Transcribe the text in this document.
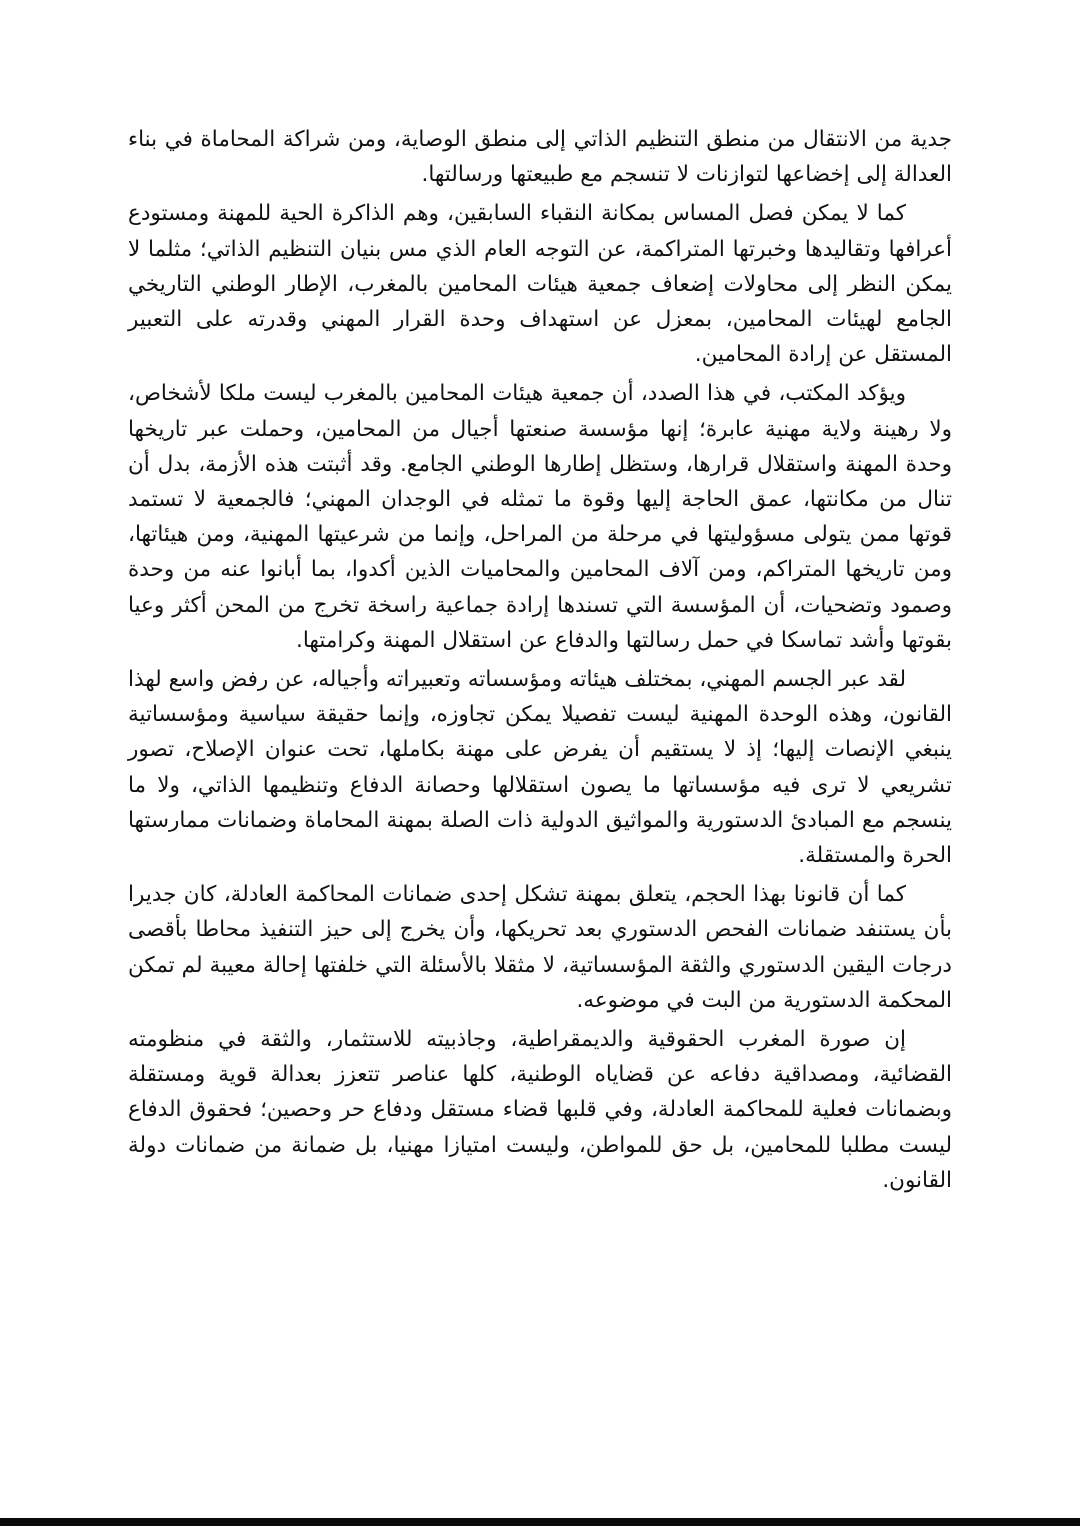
جدية من الانتقال من منطق التنظيم الذاتي إلى منطق الوصاية، ومن شراكة المحاماة في بناء العدالة إلى إخضاعها لتوازنات لا تنسجم مع طبيعتها ورسالتها.

كما لا يمكن فصل المساس بمكانة النقباء السابقين، وهم الذاكرة الحية للمهنة ومستودع أعرافها وتقاليدها وخبرتها المتراكمة، عن التوجه العام الذي مس بنيان التنظيم الذاتي؛ مثلما لا يمكن النظر إلى محاولات إضعاف جمعية هيئات المحامين بالمغرب، الإطار الوطني التاريخي الجامع لهيئات المحامين، بمعزل عن استهداف وحدة القرار المهني وقدرته على التعبير المستقل عن إرادة المحامين.

ويؤكد المكتب، في هذا الصدد، أن جمعية هيئات المحامين بالمغرب ليست ملكا لأشخاص، ولا رهينة ولاية مهنية عابرة؛ إنها مؤسسة صنعتها أجيال من المحامين، وحملت عبر تاريخها وحدة المهنة واستقلال قرارها، وستظل إطارها الوطني الجامع. وقد أثبتت هذه الأزمة، بدل أن تنال من مكانتها، عمق الحاجة إليها وقوة ما تمثله في الوجدان المهني؛ فالجمعية لا تستمد قوتها ممن يتولى مسؤوليتها في مرحلة من المراحل، وإنما من شرعيتها المهنية، ومن هيئاتها، ومن تاريخها المتراكم، ومن آلاف المحامين والمحاميات الذين أكدوا، بما أبانوا عنه من وحدة وصمود وتضحيات، أن المؤسسة التي تسندها إرادة جماعية راسخة تخرج من المحن أكثر وعيا بقوتها وأشد تماسكا في حمل رسالتها والدفاع عن استقلال المهنة وكرامتها.

لقد عبر الجسم المهني، بمختلف هيئاته ومؤسساته وتعبيراته وأجياله، عن رفض واسع لهذا القانون، وهذه الوحدة المهنية ليست تفصيلا يمكن تجاوزه، وإنما حقيقة سياسية ومؤسساتية ينبغي الإنصات إليها؛ إذ لا يستقيم أن يفرض على مهنة بكاملها، تحت عنوان الإصلاح، تصور تشريعي لا ترى فيه مؤسساتها ما يصون استقلالها وحصانة الدفاع وتنظيمها الذاتي، ولا ما ينسجم مع المبادئ الدستورية والمواثيق الدولية ذات الصلة بمهنة المحاماة وضمانات ممارستها الحرة والمستقلة.

كما أن قانونا بهذا الحجم، يتعلق بمهنة تشكل إحدى ضمانات المحاكمة العادلة، كان جديرا بأن يستنفد ضمانات الفحص الدستوري بعد تحريكها، وأن يخرج إلى حيز التنفيذ محاطا بأقصى درجات اليقين الدستوري والثقة المؤسساتية، لا مثقلا بالأسئلة التي خلفتها إحالة معيبة لم تمكن المحكمة الدستورية من البت في موضوعه.

إن صورة المغرب الحقوقية والديمقراطية، وجاذبيته للاستثمار، والثقة في منظومته القضائية، ومصداقية دفاعه عن قضاياه الوطنية، كلها عناصر تتعزز بعدالة قوية ومستقلة وبضمانات فعلية للمحاكمة العادلة، وفي قلبها قضاء مستقل ودفاع حر وحصين؛ فحقوق الدفاع ليست مطلبا للمحامين، بل حق للمواطن، وليست امتيازا مهنيا، بل ضمانة من ضمانات دولة القانون.
